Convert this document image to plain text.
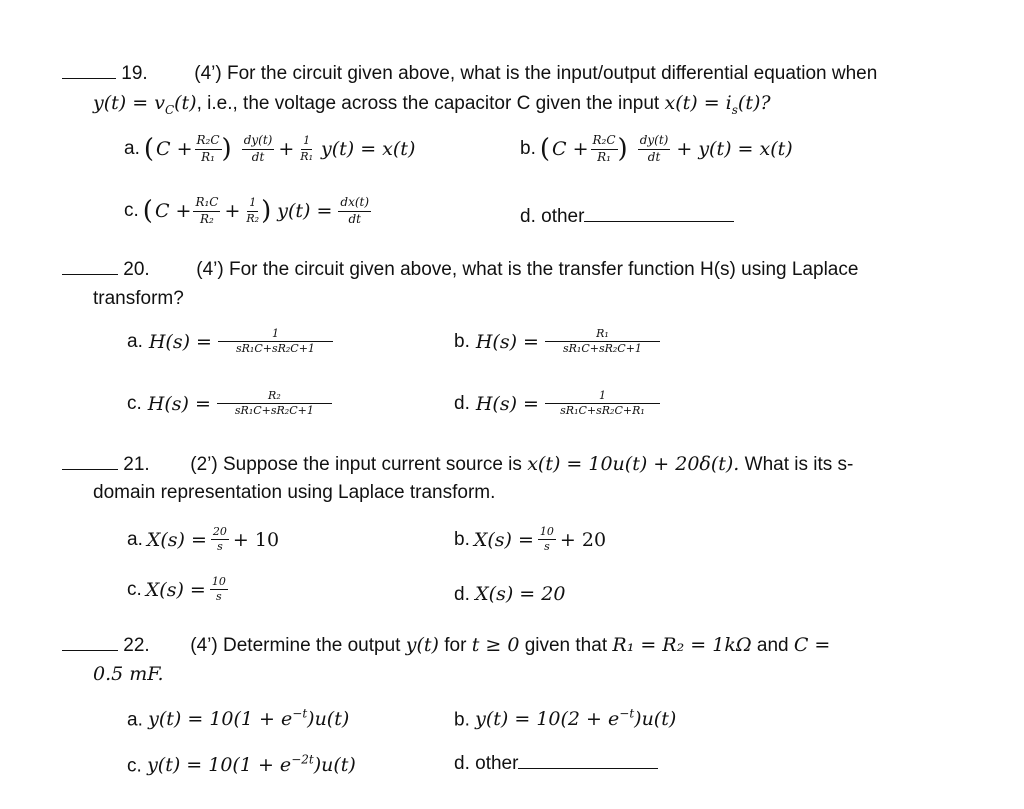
19. (4’) For the circuit given above, what is the input/output differential equation when
$y(t) = v_C(t)$, i.e., the voltage across the capacitor C given the input $x(t) = i_s(t)$?
a. ( $C + \frac{\text{R₂C}}{\text{R₁}}$ ) $\frac{dy(t)}{dt} + \frac{1}{\text{R₁}} y(t) = x(t)$	b. ( $C + \frac{\text{R₂C}}{\text{R₁}}$ ) $\frac{dy(t)}{dt} + y(t) = x(t)$
c. ( $C + \frac{\text{R₁C}}{\text{R₂}} + \frac{1}{\text{R₂}}$ ) $y(t) = \frac{dx(t)}{dt}$	d. other
20. (4’) For the circuit given above, what is the transfer function H(s) using Laplace
transform?
a. $H(s) = \frac{1}{\text{sR₁C+sR₂C+1}}$	b. $H(s) = \frac{\text{R₁}}{\text{sR₁C+sR₂C+1}}$
c. $H(s) = \frac{\text{R₂}}{\text{sR₁C+sR₂C+1}}$	d. $H(s) = \frac{1}{\text{sR₁C+sR₂C+R₁}}$
21. (2’) Suppose the input current source is x(t) = 10u(t) + 20δ(t). What is its s-
domain representation using Laplace transform.
a. $X(s) = \frac{20}{s} + 10$	b. $X(s) = \frac{10}{s} + 20$
c. $X(s) = \frac{10}{s}$	d. X(s) = 20
22. (4’) Determine the output y(t) for t ≥ 0 given that R₁ = R₂ = 1kΩ and C =
0.5 mF.
a. $y(t) = 10(1 + e^{-t})u(t)$	b. $y(t) = 10(2 + e^{-t})u(t)$
c. $y(t) = 10(1 + e^{-2t})u(t)$	d. other
